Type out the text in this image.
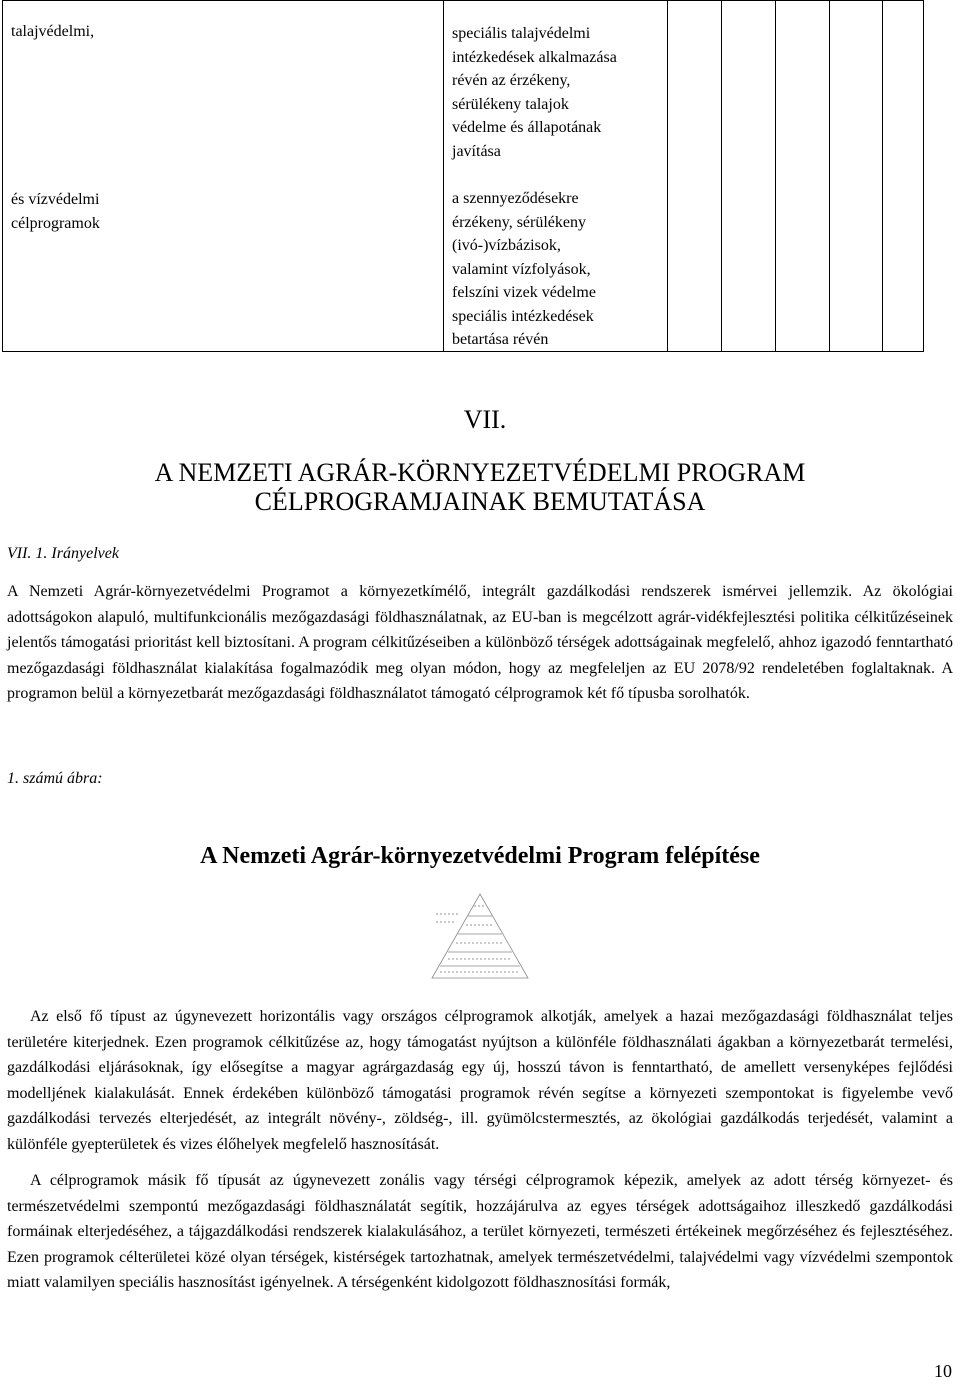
talajvédelmi,
és vízvédelmi
célprogramok
speciális talajvédelmi
intézkedések alkalmazása
révén az érzékeny,
sérülékeny talajok
védelme és állapotának
javítása
a szennyeződésekre
érzékeny, sérülékeny
(ivó-)vízbázisok,
valamint vízfolyások,
felszíni vizek védelme
speciális intézkedések
betartása révén
VII.
A NEMZETI AGRÁR-KÖRNYEZETVÉDELMI PROGRAM
CÉLPROGRAMJAINAK BEMUTATÁSA
VII. 1. Irányelvek

A Nemzeti Agrár-környezetvédelmi Programot a környezetkímélő, integrált gazdálkodási rendszerek ismérvei jellemzik. Az ökológiai adottságokon alapuló, multifunkcionális mezőgazdasági földhasználatnak, az EU-ban is megcélzott agrár-vidékfejlesztési politika célkitűzéseinek jelentős támogatási prioritást kell biztosítani. A program célkitűzéseiben a különböző térségek adottságainak megfelelő, ahhoz igazodó fenntartható mezőgazdasági földhasználat kialakítása fogalmazódik meg olyan módon, hogy az megfeleljen az EU 2078/92 rendeletében foglaltaknak. A programon belül a környezetbarát mezőgazdasági földhasználatot támogató célprogramok két fő típusba sorolhatók.

1. számú ábra:
A Nemzeti Agrár-környezetvédelmi Program felépítése

Az első fő típust az úgynevezett horizontális vagy országos célprogramok alkotják, amelyek a hazai mezőgazdasági földhasználat teljes területére kiterjednek. Ezen programok célkitűzése az, hogy támogatást nyújtson a különféle földhasználati ágakban a környezetbarát termelési, gazdálkodási eljárásoknak, így elősegítse a magyar agrárgazdaság egy új, hosszú távon is fenntartható, de amellett versenyképes fejlődési modelljének kialakulását. Ennek érdekében különböző támogatási programok révén segítse a környezeti szempontokat is figyelembe vevő gazdálkodási tervezés elterjedését, az integrált növény-, zöldség-, ill. gyümölcstermesztés, az ökológiai gazdálkodás terjedését, valamint a különféle gyepterületek és vizes élőhelyek megfelelő hasznosítását.

A célprogramok másik fő típusát az úgynevezett zonális vagy térségi célprogramok képezik, amelyek az adott térség környezet- és természetvédelmi szempontú mezőgazdasági földhasználatát segítik, hozzájárulva az egyes térségek adottságaihoz illeszkedő gazdálkodási formáinak elterjedéséhez, a tájgazdálkodási rendszerek kialakulásához, a terület környezeti, természeti értékeinek megőrzéséhez és fejlesztéséhez. Ezen programok célterületei közé olyan térségek, kistérségek tartozhatnak, amelyek természetvédelmi, talajvédelmi vagy vízvédelmi szempontok miatt valamilyen speciális hasznosítást igényelnek. A térségenként kidolgozott földhasznosítási formák,

10
